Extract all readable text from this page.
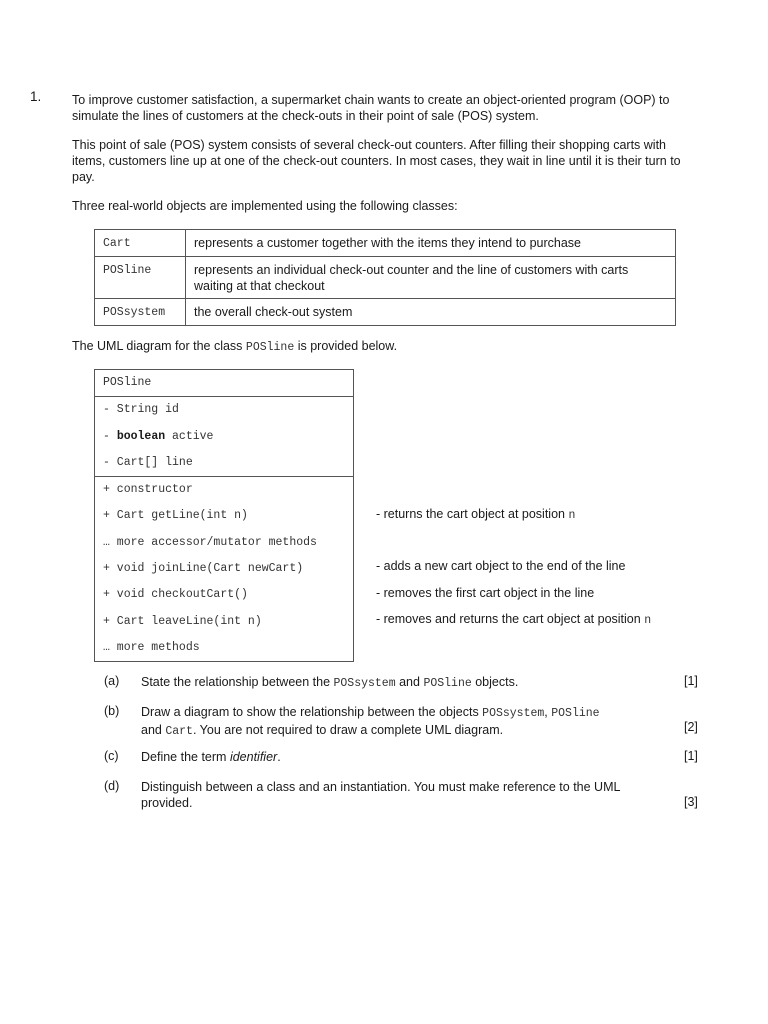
1. To improve customer satisfaction, a supermarket chain wants to create an object-oriented program (OOP) to simulate the lines of customers at the check-outs in their point of sale (POS) system.

This point of sale (POS) system consists of several check-out counters. After filling their shopping carts with items, customers line up at one of the check-out counters. In most cases, they wait in line until it is their turn to pay.

Three real-world objects are implemented using the following classes:

Cart	represents a customer together with the items they intend to purchase
POSline	represents an individual check-out counter and the line of customers with carts waiting at that checkout
POSsystem	the overall check-out system

The UML diagram for the class POSline is provided below.

POSline
- String id
- boolean active
- Cart[] line
+ constructor
+ Cart getLine(int n)
… more accessor/mutator methods
+ void joinLine(Cart newCart)
+ void checkoutCart()
+ Cart leaveLine(int n)
… more methods
- returns the cart object at position n
- adds a new cart object to the end of the line
- removes the first cart object in the line
- removes and returns the cart object at position n
(a) State the relationship between the POSsystem and POSline objects.	[1]
(b) Draw a diagram to show the relationship between the objects POSsystem, POSline
and Cart. You are not required to draw a complete UML diagram.	[2]
(c) Define the term identifier.	[1]
(d) Distinguish between a class and an instantiation. You must make reference to the UML provided.	[3]
